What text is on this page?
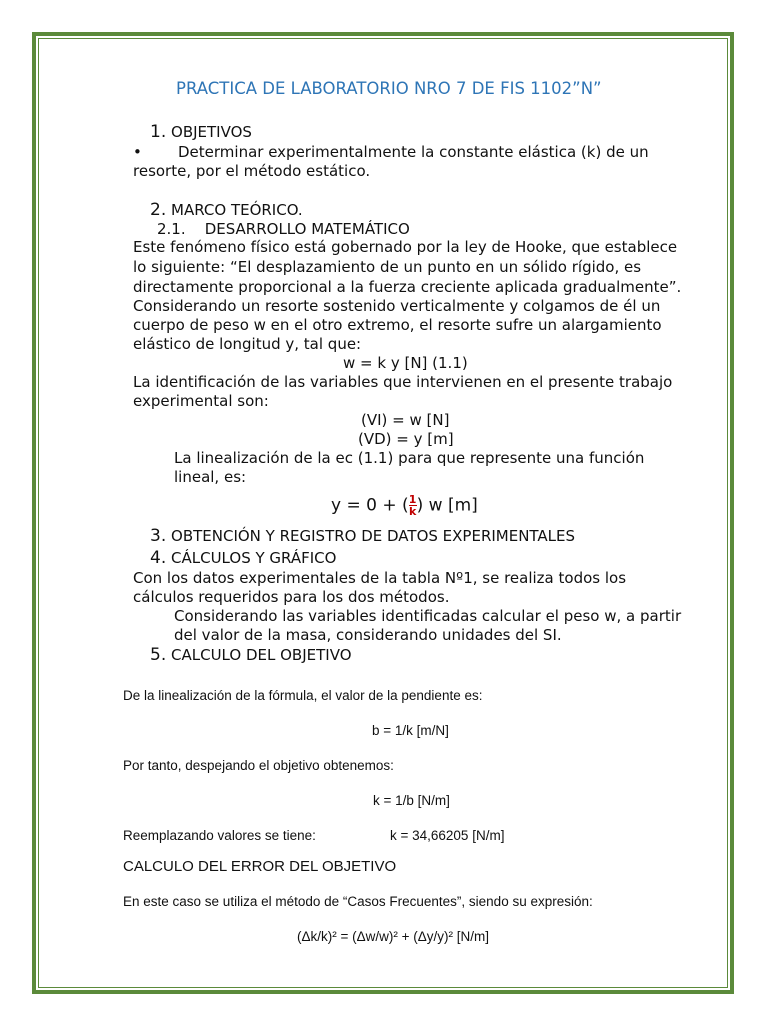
PRACTICA DE LABORATORIO NRO 7 DE FIS 1102”N”
1. OBJETIVOS
• Determinar experimentalmente la constante elástica (k) de un
resorte, por el método estático.
2. MARCO TEÓRICO.
2.1. DESARROLLO MATEMÁTICO
Este fenómeno físico está gobernado por la ley de Hooke, que establece
lo siguiente: “El desplazamiento de un punto en un sólido rígido, es
directamente proporcional a la fuerza creciente aplicada gradualmente”.
Considerando un resorte sostenido verticalmente y colgamos de él un
cuerpo de peso w en el otro extremo, el resorte sufre un alargamiento
elástico de longitud y, tal que:
w = k y [N] (1.1)
La identificación de las variables que intervienen en el presente trabajo
experimental son:
(VI) = w [N]
(VD) = y [m]
La linealización de la ec (1.1) para que represente una función
lineal, es:
$y = 0 + (\frac{1}{k})$ w [m]
3. OBTENCIÓN Y REGISTRO DE DATOS EXPERIMENTALES
4. CÁLCULOS Y GRÁFICO
Con los datos experimentales de la tabla Nº1, se realiza todos los
cálculos requeridos para los dos métodos.
Considerando las variables identificadas calcular el peso w, a partir
del valor de la masa, considerando unidades del SI.
5. CALCULO DEL OBJETIVO
De la linealización de la fórmula, el valor de la pendiente es:
b = 1/k [m/N]
Por tanto, despejando el objetivo obtenemos:
k = 1/b [N/m]
Reemplazando valores se tiene:	k = 34,66205 [N/m]
CALCULO DEL ERROR DEL OBJETIVO
En este caso se utiliza el método de “Casos Frecuentes”, siendo su expresión:
(Δk/k)² = (Δw/w)² + (Δy/y)² [N/m]
